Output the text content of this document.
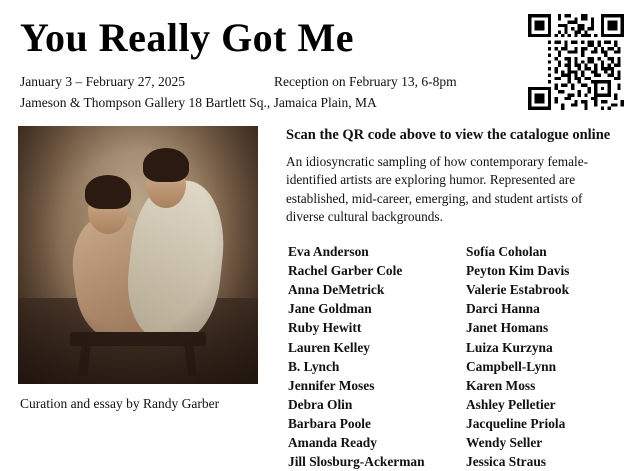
You Really Got Me
January 3 – February 27, 2025	Reception on February 13, 6-8pm
Jameson & Thompson Gallery 18 Bartlett Sq., Jamaica Plain, MA
Curation and essay by Randy Garber

Scan the QR code above to view the catalogue online

An idiosyncratic sampling of how contemporary female-identified artists are exploring humor. Represented are established, mid-career, emerging, and student artists of diverse cultural backgrounds.

Eva Anderson
Rachel Garber Cole
Anna DeMetrick
Jane Goldman
Ruby Hewitt
Lauren Kelley
B. Lynch
Jennifer Moses
Debra Olin
Barbara Poole
Amanda Ready
Jill Slosburg-Ackerman
Sofía Coholan
Peyton Kim Davis
Valerie Estabrook
Darci Hanna
Janet Homans
Luiza Kurzyna
Campbell-Lynn
Karen Moss
Ashley Pelletier
Jacqueline Priola
Wendy Seller
Jessica Straus
